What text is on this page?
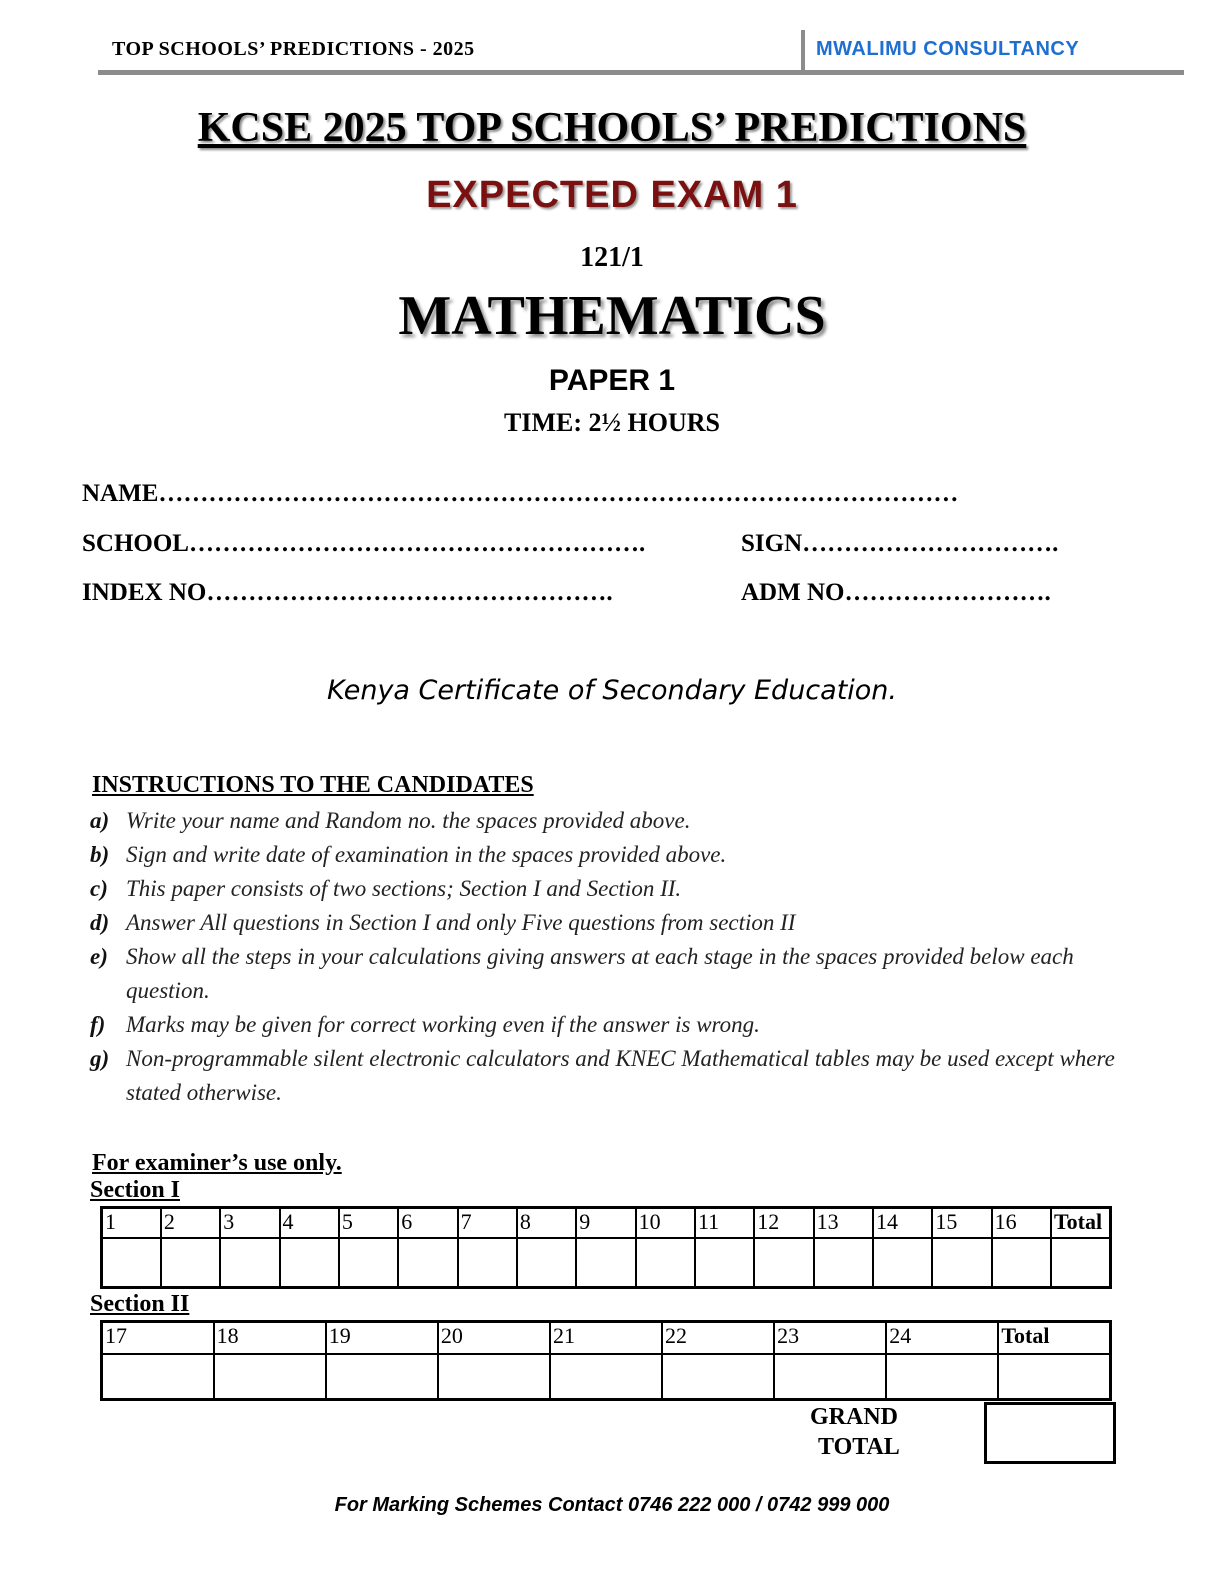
TOP SCHOOLS’ PREDICTIONS - 2025	MWALIMU CONSULTANCY
KCSE 2025 TOP SCHOOLS’ PREDICTIONS
EXPECTED EXAM 1
121/1
MATHEMATICS
PAPER 1
TIME: 2½ HOURS
NAME……………………………………………………………………………………
SCHOOL……………………………………………….	SIGN………………………….
INDEX NO………………………………………….	ADM NO…………………….
Kenya Certificate of Secondary Education.
INSTRUCTIONS TO THE CANDIDATES
a) Write your name and Random no. the spaces provided above.
b) Sign and write date of examination in the spaces provided above.
c) This paper consists of two sections; Section I and Section II.
d) Answer All questions in Section I and only Five questions from section II
e) Show all the steps in your calculations giving answers at each stage in the spaces provided below each question.
f) Marks may be given for correct working even if the answer is wrong.
g) Non-programmable silent electronic calculators and KNEC Mathematical tables may be used except where stated otherwise.
For examiner’s use only.
Section I
1	2	3	4	5	6	7	8	9	10	11	12	13	14	15	16	Total

Section II
17	18	19	20	21	22	23	24	Total

GRAND
TOTAL
For Marking Schemes Contact 0746 222 000 / 0742 999 000
